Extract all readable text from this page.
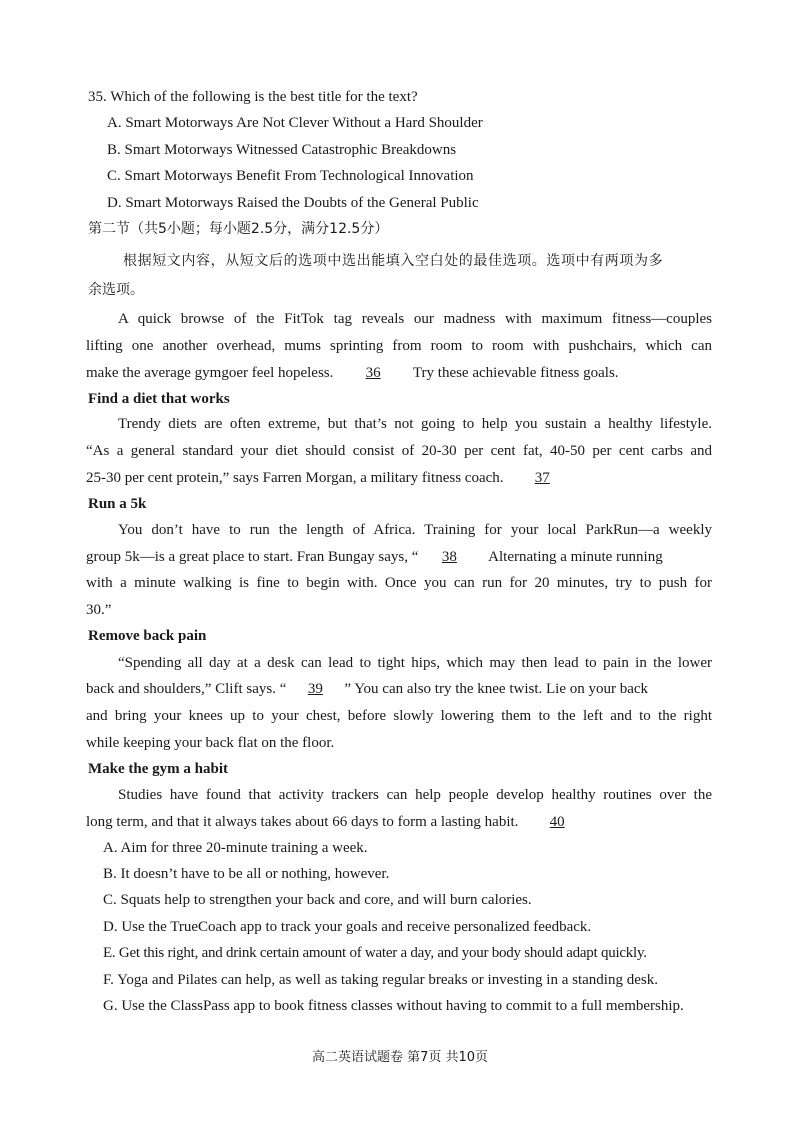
35. Which of the following is the best title for the text?
A. Smart Motorways Are Not Clever Without a Hard Shoulder
B. Smart Motorways Witnessed Catastrophic Breakdowns
C. Smart Motorways Benefit From Technological Innovation
D. Smart Motorways Raised the Doubts of the General Public
第二节（共5小题；每小题2.5分，满分12.5分）
根据短文内容，从短文后的选项中选出能填入空白处的最佳选项。选项中有两项为多
余选项。
A quick browse of the FitTok tag reveals our madness with maximum fitness—couples
lifting one another overhead, mums sprinting from room to room with pushchairs, which can
make the average gymgoer feel hopeless. 36 Try these achievable fitness goals.
Find a diet that works
Trendy diets are often extreme, but that’s not going to help you sustain a healthy lifestyle.
“As a general standard your diet should consist of 20-30 per cent fat, 40-50 per cent carbs and
25-30 per cent protein,” says Farren Morgan, a military fitness coach. 37
Run a 5k
You don’t have to run the length of Africa. Training for your local ParkRun—a weekly
group 5k—is a great place to start. Fran Bungay says, “ 38 Alternating a minute running
with a minute walking is fine to begin with. Once you can run for 20 minutes, try to push for
30.”
Remove back pain
“Spending all day at a desk can lead to tight hips, which may then lead to pain in the lower
back and shoulders,” Clift says. “ 39 ” You can also try the knee twist. Lie on your back
and bring your knees up to your chest, before slowly lowering them to the left and to the right
while keeping your back flat on the floor.
Make the gym a habit
Studies have found that activity trackers can help people develop healthy routines over the
long term, and that it always takes about 66 days to form a lasting habit. 40
A. Aim for three 20-minute training a week.
B. It doesn’t have to be all or nothing, however.
C. Squats help to strengthen your back and core, and will burn calories.
D. Use the TrueCoach app to track your goals and receive personalized feedback.
E. Get this right, and drink certain amount of water a day, and your body should adapt quickly.
F. Yoga and Pilates can help, as well as taking regular breaks or investing in a standing desk.
G. Use the ClassPass app to book fitness classes without having to commit to a full membership.
高二英语试题卷 第7页 共10页
